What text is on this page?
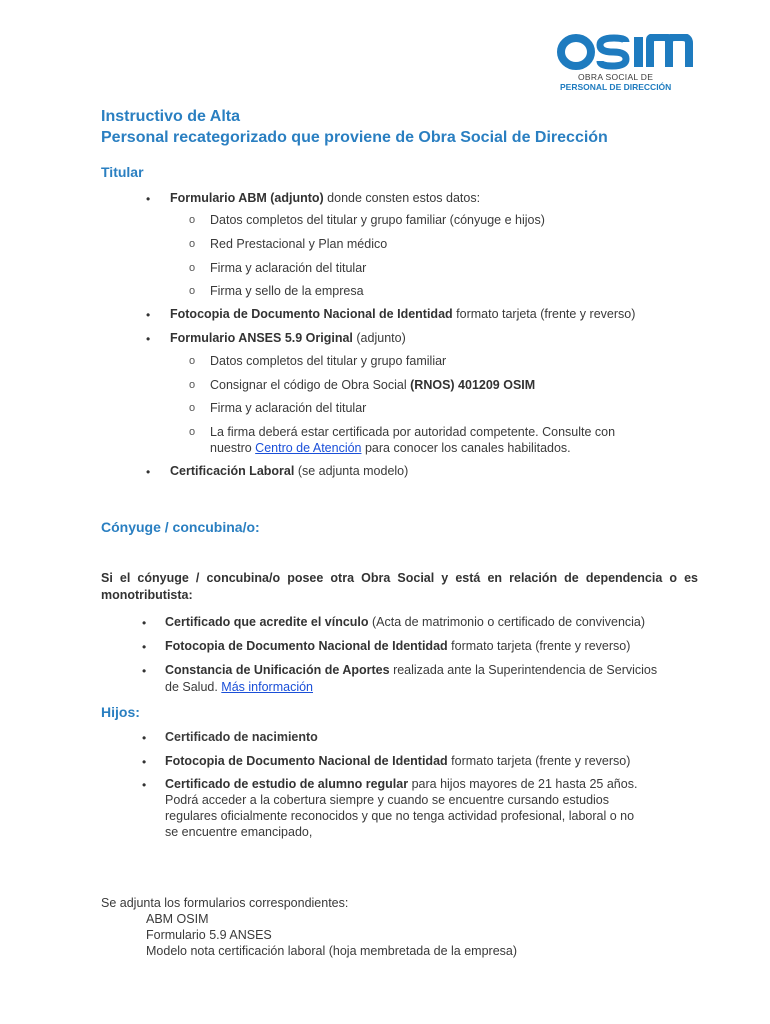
OBRA SOCIAL DE
PERSONAL DE DIRECCIÓN
Instructivo de Alta
Personal recategorizado que proviene de Obra Social de Dirección
Titular
• Formulario ABM (adjunto) donde consten estos datos:
o Datos completos del titular y grupo familiar (cónyuge e hijos)
o Red Prestacional y Plan médico
o Firma y aclaración del titular
o Firma y sello de la empresa
• Fotocopia de Documento Nacional de Identidad formato tarjeta (frente y reverso)
• Formulario ANSES 5.9 Original (adjunto)
o Datos completos del titular y grupo familiar
o Consignar el código de Obra Social (RNOS) 401209 OSIM
o Firma y aclaración del titular
o La firma deberá estar certificada por autoridad competente. Consulte con
nuestro Centro de Atención para conocer los canales habilitados.
• Certificación Laboral (se adjunta modelo)
Cónyuge / concubina/o:

Si el cónyuge / concubina/o posee otra Obra Social y está en relación de dependencia o es monotributista:

• Certificado que acredite el vínculo (Acta de matrimonio o certificado de convivencia)
• Fotocopia de Documento Nacional de Identidad formato tarjeta (frente y reverso)
• Constancia de Unificación de Aportes realizada ante la Superintendencia de Servicios
de Salud. Más información
Hijos:
• Certificado de nacimiento
• Fotocopia de Documento Nacional de Identidad formato tarjeta (frente y reverso)
• Certificado de estudio de alumno regular para hijos mayores de 21 hasta 25 años.
Podrá acceder a la cobertura siempre y cuando se encuentre cursando estudios
regulares oficialmente reconocidos y que no tenga actividad profesional, laboral o no
se encuentre emancipado,
Se adjunta los formularios correspondientes:
ABM OSIM
Formulario 5.9 ANSES
Modelo nota certificación laboral (hoja membretada de la empresa)
